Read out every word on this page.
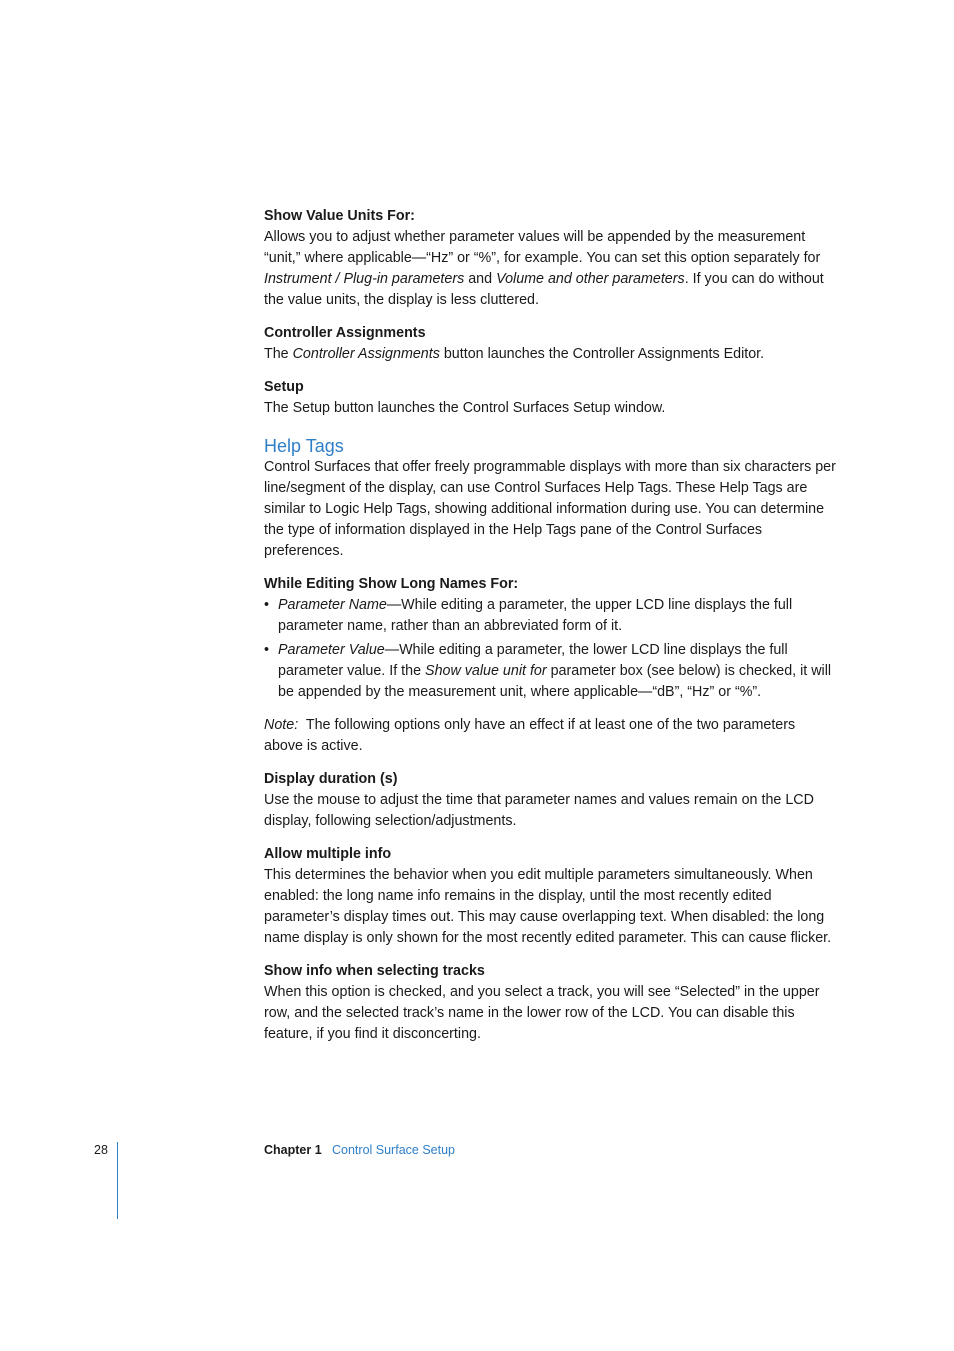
Show Value Units For:

Allows you to adjust whether parameter values will be appended by the measurement “unit,” where applicable—“Hz” or “%”, for example. You can set this option separately for Instrument / Plug-in parameters and Volume and other parameters. If you can do without the value units, the display is less cluttered.

Controller Assignments

The Controller Assignments button launches the Controller Assignments Editor.

Setup

The Setup button launches the Control Surfaces Setup window.

Help Tags

Control Surfaces that offer freely programmable displays with more than six characters per line/segment of the display, can use Control Surfaces Help Tags. These Help Tags are similar to Logic Help Tags, showing additional information during use. You can determine the type of information displayed in the Help Tags pane of the Control Surfaces preferences.

While Editing Show Long Names For:
• Parameter Name—While editing a parameter, the upper LCD line displays the full parameter name, rather than an abbreviated form of it.
• Parameter Value—While editing a parameter, the lower LCD line displays the full parameter value. If the Show value unit for parameter box (see below) is checked, it will be appended by the measurement unit, where applicable—“dB”, “Hz” or “%”.

Note:  The following options only have an effect if at least one of the two parameters above is active.

Display duration (s)

Use the mouse to adjust the time that parameter names and values remain on the LCD display, following selection/adjustments.

Allow multiple info

This determines the behavior when you edit multiple parameters simultaneously. When enabled: the long name info remains in the display, until the most recently edited parameter’s display times out. This may cause overlapping text. When disabled: the long name display is only shown for the most recently edited parameter. This can cause flicker.

Show info when selecting tracks

When this option is checked, and you select a track, you will see “Selected” in the upper row, and the selected track’s name in the lower row of the LCD. You can disable this feature, if you find it disconcerting.

28	Chapter 1 Control Surface Setup
